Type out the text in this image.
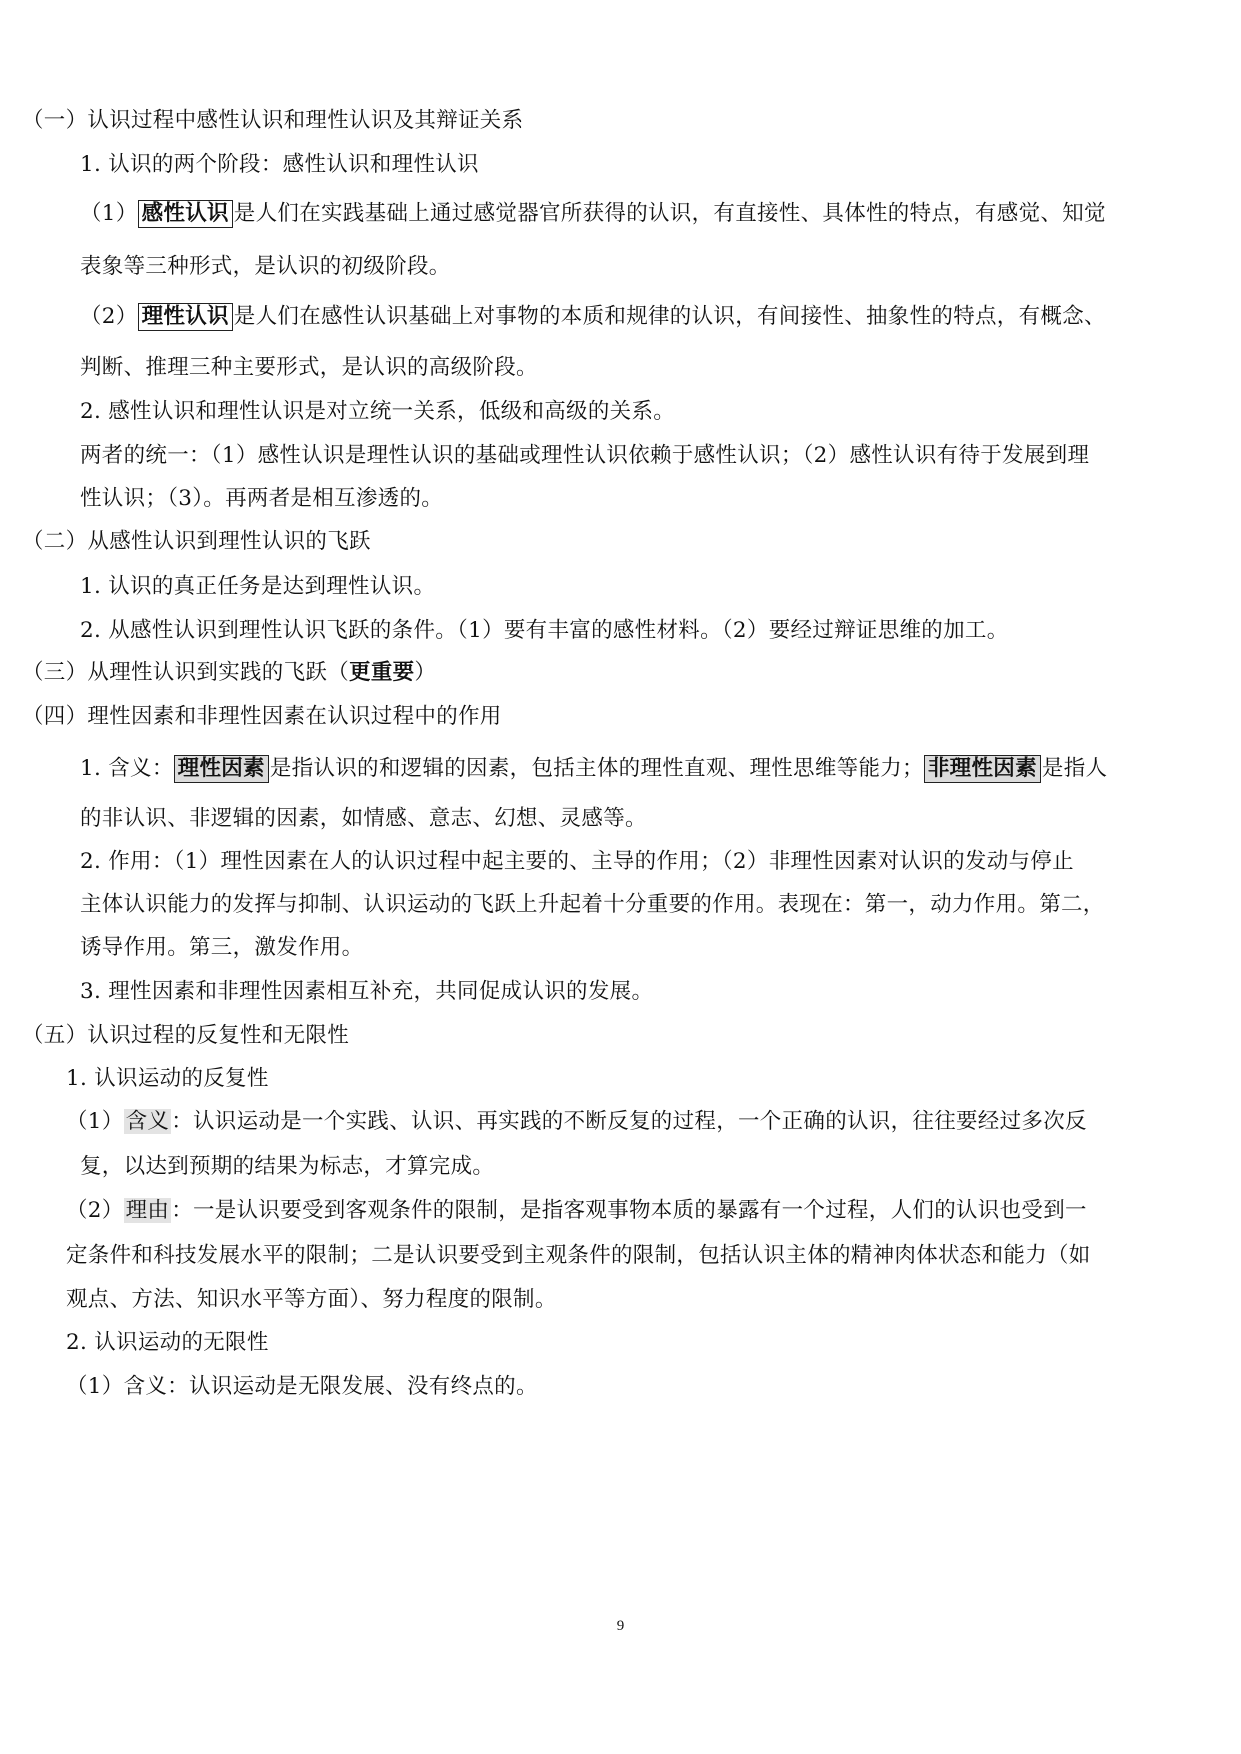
（一）认识过程中感性认识和理性认识及其辩证关系
1. 认识的两个阶段：感性认识和理性认识
（1） 感性认识 是人们在实践基础上通过感觉器官所获得的认识，有直接性、具体性的特点，有感觉、知觉
表象等三种形式，是认识的初级阶段。
（2） 理性认识 是人们在感性认识基础上对事物的本质和规律的认识，有间接性、抽象性的特点，有概念、
判断、推理三种主要形式，是认识的高级阶段。
2. 感性认识和理性认识是对立统一关系，低级和高级的关系。
两者的统一：（1）感性认识是理性认识的基础或理性认识依赖于感性认识；（2）感性认识有待于发展到理
性认识；（3）。再两者是相互渗透的。
（二）从感性认识到理性认识的飞跃
1. 认识的真正任务是达到理性认识。
2. 从感性认识到理性认识飞跃的条件。（1）要有丰富的感性材料。（2）要经过辩证思维的加工。
（三）从理性认识到实践的飞跃（更重要）
（四）理性因素和非理性因素在认识过程中的作用
1. 含义： 理性因素 是指认识的和逻辑的因素，包括主体的理性直观、理性思维等能力； 非理性因素 是指人
的非认识、非逻辑的因素，如情感、意志、幻想、灵感等。
2. 作用：（1）理性因素在人的认识过程中起主要的、主导的作用；（2）非理性因素对认识的发动与停止
主体认识能力的发挥与抑制、认识运动的飞跃上升起着十分重要的作用。表现在：第一，动力作用。第二，
诱导作用。第三，激发作用。
3. 理性因素和非理性因素相互补充，共同促成认识的发展。
（五）认识过程的反复性和无限性
1. 认识运动的反复性
（1）含义：认识运动是一个实践、认识、再实践的不断反复的过程，一个正确的认识，往往要经过多次反
复，以达到预期的结果为标志，才算完成。
（2）理由：一是认识要受到客观条件的限制，是指客观事物本质的暴露有一个过程，人们的认识也受到一
定条件和科技发展水平的限制；二是认识要受到主观条件的限制，包括认识主体的精神肉体状态和能力（如
观点、方法、知识水平等方面）、努力程度的限制。
2. 认识运动的无限性
（1）含义：认识运动是无限发展、没有终点的。
9
